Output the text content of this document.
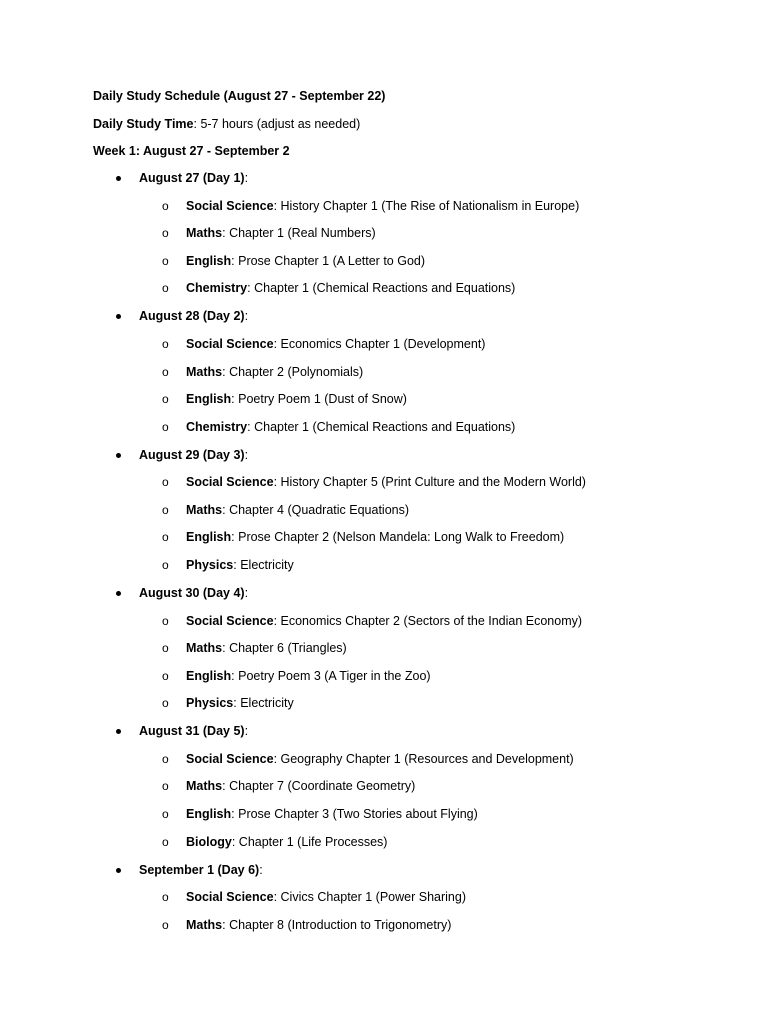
Daily Study Schedule (August 27 - September 22)
Daily Study Time: 5-7 hours (adjust as needed)
Week 1: August 27 - September 2
August 27 (Day 1):
o Social Science: History Chapter 1 (The Rise of Nationalism in Europe)
o Maths: Chapter 1 (Real Numbers)
o English: Prose Chapter 1 (A Letter to God)
o Chemistry: Chapter 1 (Chemical Reactions and Equations)
August 28 (Day 2):
o Social Science: Economics Chapter 1 (Development)
o Maths: Chapter 2 (Polynomials)
o English: Poetry Poem 1 (Dust of Snow)
o Chemistry: Chapter 1 (Chemical Reactions and Equations)
August 29 (Day 3):
o Social Science: History Chapter 5 (Print Culture and the Modern World)
o Maths: Chapter 4 (Quadratic Equations)
o English: Prose Chapter 2 (Nelson Mandela: Long Walk to Freedom)
o Physics: Electricity
August 30 (Day 4):
o Social Science: Economics Chapter 2 (Sectors of the Indian Economy)
o Maths: Chapter 6 (Triangles)
o English: Poetry Poem 3 (A Tiger in the Zoo)
o Physics: Electricity
August 31 (Day 5):
o Social Science: Geography Chapter 1 (Resources and Development)
o Maths: Chapter 7 (Coordinate Geometry)
o English: Prose Chapter 3 (Two Stories about Flying)
o Biology: Chapter 1 (Life Processes)
September 1 (Day 6):
o Social Science: Civics Chapter 1 (Power Sharing)
o Maths: Chapter 8 (Introduction to Trigonometry)
